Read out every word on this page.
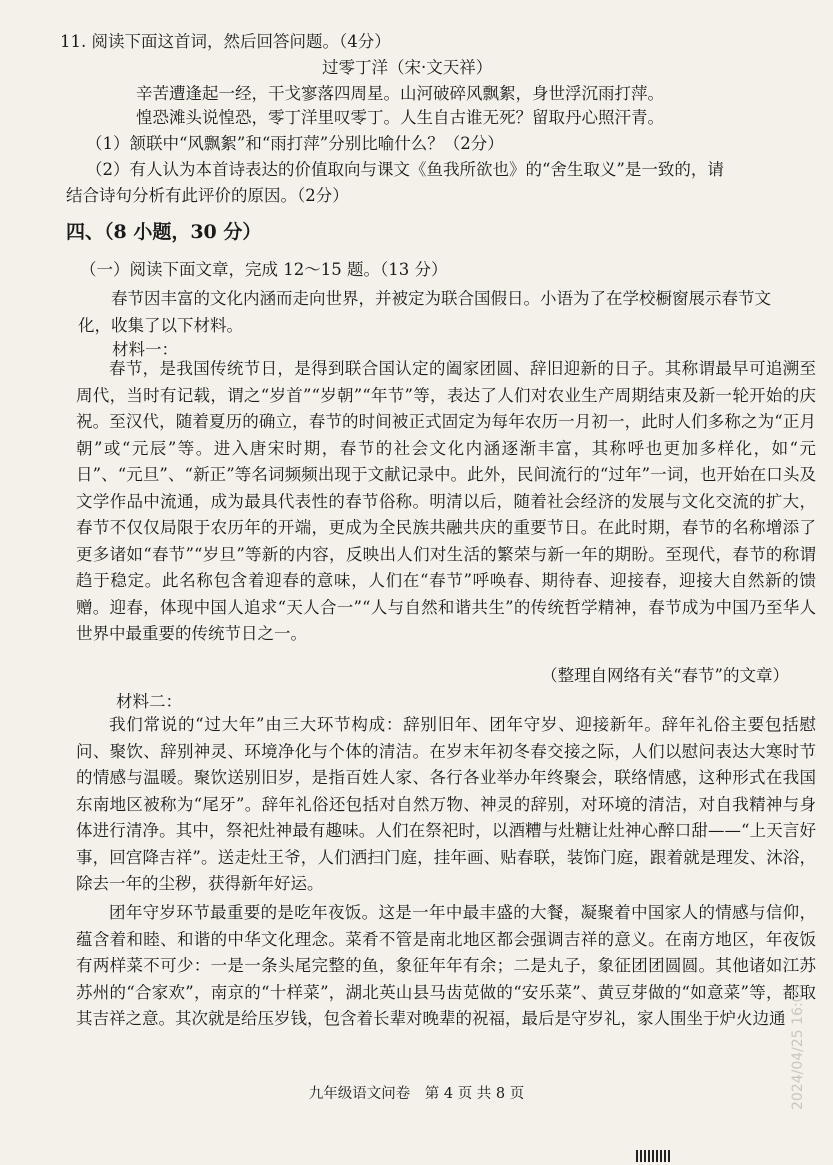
11. 阅读下面这首词，然后回答问题。（4分）
过零丁洋（宋·文天祥）
辛苦遭逢起一经，干戈寥落四周星。山河破碎风飘絮，身世浮沉雨打萍。
惶恐滩头说惶恐，零丁洋里叹零丁。人生自古谁无死？留取丹心照汗青。
（1）颔联中“风飘絮”和“雨打萍”分别比喻什么？（2分）
（2）有人认为本首诗表达的价值取向与课文《鱼我所欲也》的“舍生取义”是一致的，请
结合诗句分析有此评价的原因。（2分）
四、（8 小题，30 分）
（一）阅读下面文章，完成 12～15 题。（13 分）

春节因丰富的文化内涵而走向世界，并被定为联合国假日。小语为了在学校橱窗展示春节文化，收集了以下材料。

材料一：

春节，是我国传统节日，是得到联合国认定的阖家团圆、辞旧迎新的日子。其称谓最早可追溯至周代，当时有记载，谓之“岁首”“岁朝”“年节”等，表达了人们对农业生产周期结束及新一轮开始的庆祝。至汉代，随着夏历的确立，春节的时间被正式固定为每年农历一月初一，此时人们多称之为“正月朝”或“元辰”等。进入唐宋时期，春节的社会文化内涵逐渐丰富，其称呼也更加多样化，如“元日”、“元旦”、“新正”等名词频频出现于文献记录中。此外，民间流行的“过年”一词，也开始在口头及文学作品中流通，成为最具代表性的春节俗称。明清以后，随着社会经济的发展与文化交流的扩大，春节不仅仅局限于农历年的开端，更成为全民族共融共庆的重要节日。在此时期，春节的名称增添了更多诸如“春节”“岁旦”等新的内容，反映出人们对生活的繁荣与新一年的期盼。至现代，春节的称谓趋于稳定。此名称包含着迎春的意味，人们在“春节”呼唤春、期待春、迎接春，迎接大自然新的馈赠。迎春，体现中国人追求“天人合一”“人与自然和谐共生”的传统哲学精神，春节成为中国乃至华人世界中最重要的传统节日之一。

（整理自网络有关“春节”的文章）
材料二：

我们常说的“过大年”由三大环节构成：辞别旧年、团年守岁、迎接新年。辞年礼俗主要包括慰问、聚饮、辞别神灵、环境净化与个体的清洁。在岁末年初冬春交接之际，人们以慰问表达大寒时节的情感与温暖。聚饮送别旧岁，是指百姓人家、各行各业举办年终聚会，联络情感，这种形式在我国东南地区被称为“尾牙”。辞年礼俗还包括对自然万物、神灵的辞别，对环境的清洁，对自我精神与身体进行清净。其中，祭祀灶神最有趣味。人们在祭祀时，以酒糟与灶糖让灶神心醉口甜——“上天言好事，回宫降吉祥”。送走灶王爷，人们洒扫门庭，挂年画、贴春联，装饰门庭，跟着就是理发、沐浴，除去一年的尘秽，获得新年好运。

团年守岁环节最重要的是吃年夜饭。这是一年中最丰盛的大餐，凝聚着中国家人的情感与信仰，蕴含着和睦、和谐的中华文化理念。菜肴不管是南北地区都会强调吉祥的意义。在南方地区，年夜饭有两样菜不可少：一是一条头尾完整的鱼，象征年年有余；二是丸子，象征团团圆圆。其他诸如江苏苏州的“合家欢”，南京的“十样菜”，湖北英山县马齿苋做的“安乐菜”、黄豆芽做的“如意菜”等，都取其吉祥之意。其次就是给压岁钱，包含着长辈对晚辈的祝福，最后是守岁礼，家人围坐于炉火边通

九年级语文问卷　第 4 页 共 8 页	2024/04/25 16:05
